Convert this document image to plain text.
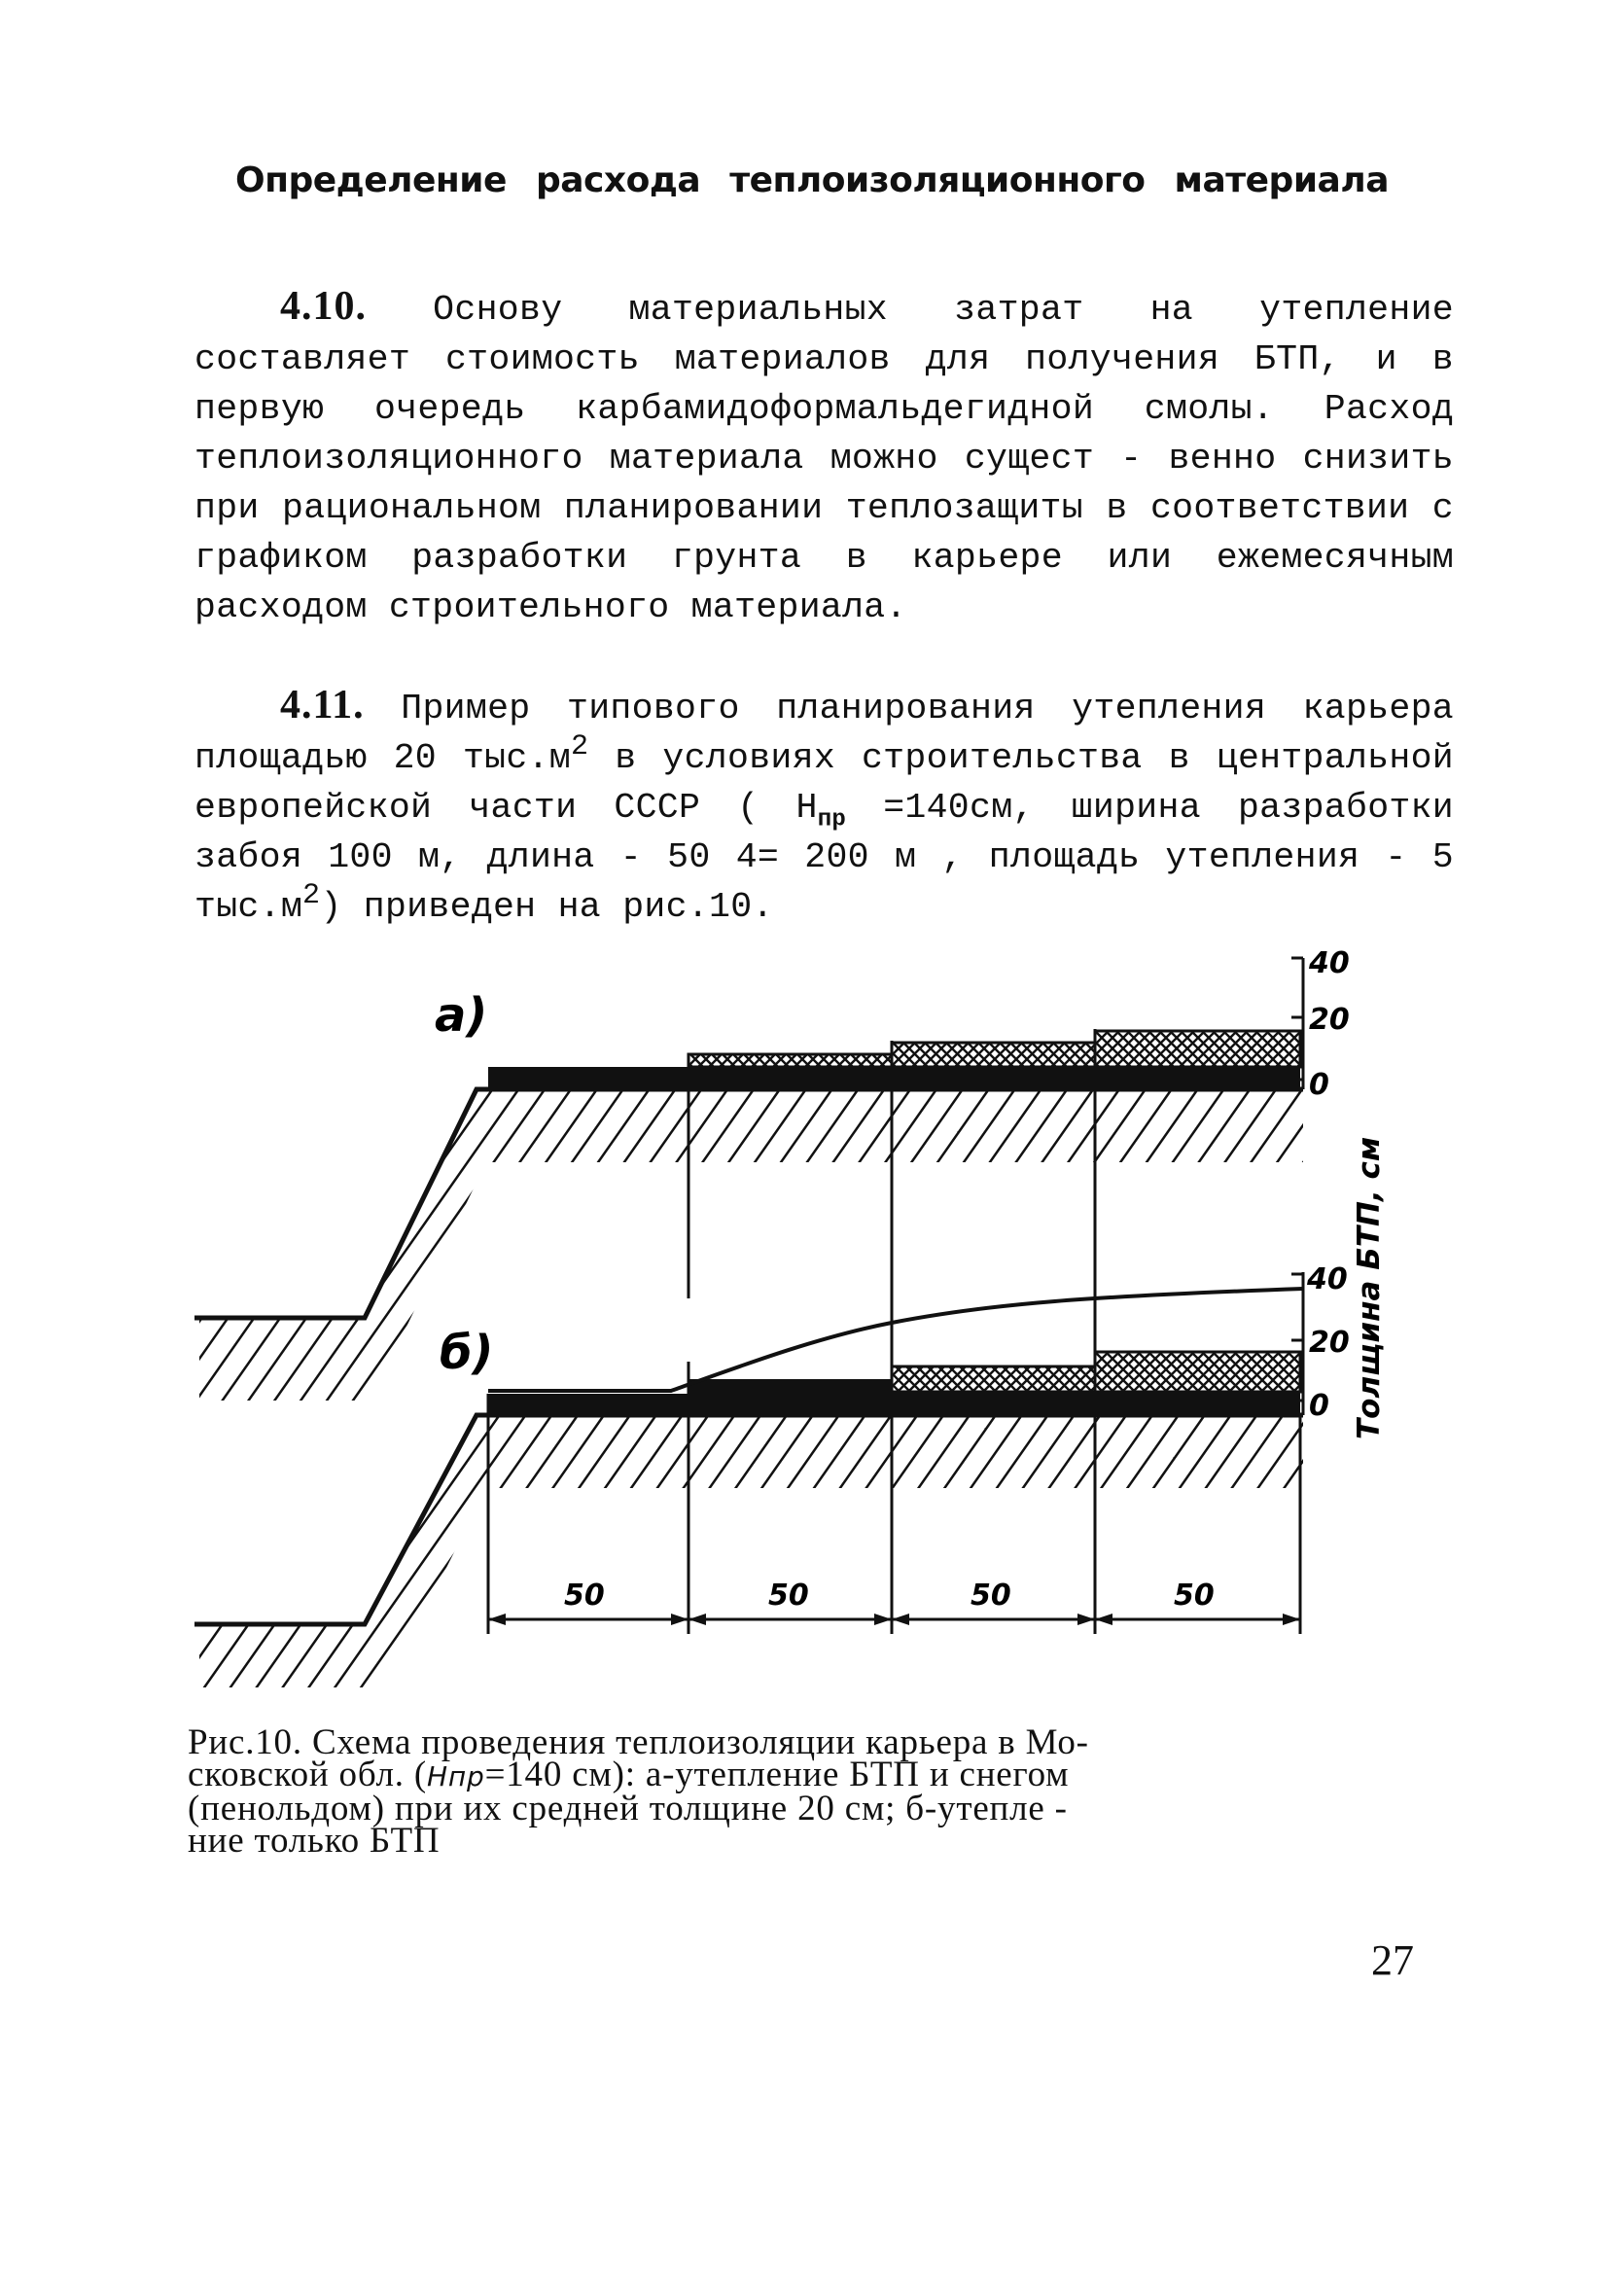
Определение расхода теплоизоляционного материала

4.10. Основу материальных затрат на утепление составляет стоимость материалов для получения БТП, и в первую очередь карбамидоформальдегидной смолы. Расход теплоизоляционного материала можно сущест - венно снизить при рациональном планировании теплозащиты в соответствии с графиком разработки грунта в карьере или ежемесячным расходом строительного материала.

4.11. Пример типового планирования утепления карьера площадью 20 $тыс.м^2$ в условиях строительства в центральной европейской части СССР ( $Н_{пр} =140см$, ширина разработки забоя 100 м, длина - 50 4= 200 м , площадь утепления - 5 $тыс.м^2$) приведен на рис.10.

а)
40
20
0
б)
40
20
0
50	50	50	50
Толщина БТП, см

Рис.10. Схема проведения теплоизоляции карьера в Мо-

сковской обл. (Нпр=140 см): а-утепление БТП и снегом

(пенольдом) при их средней толщине 20 см; б-утепле -

ние только БТП

27
